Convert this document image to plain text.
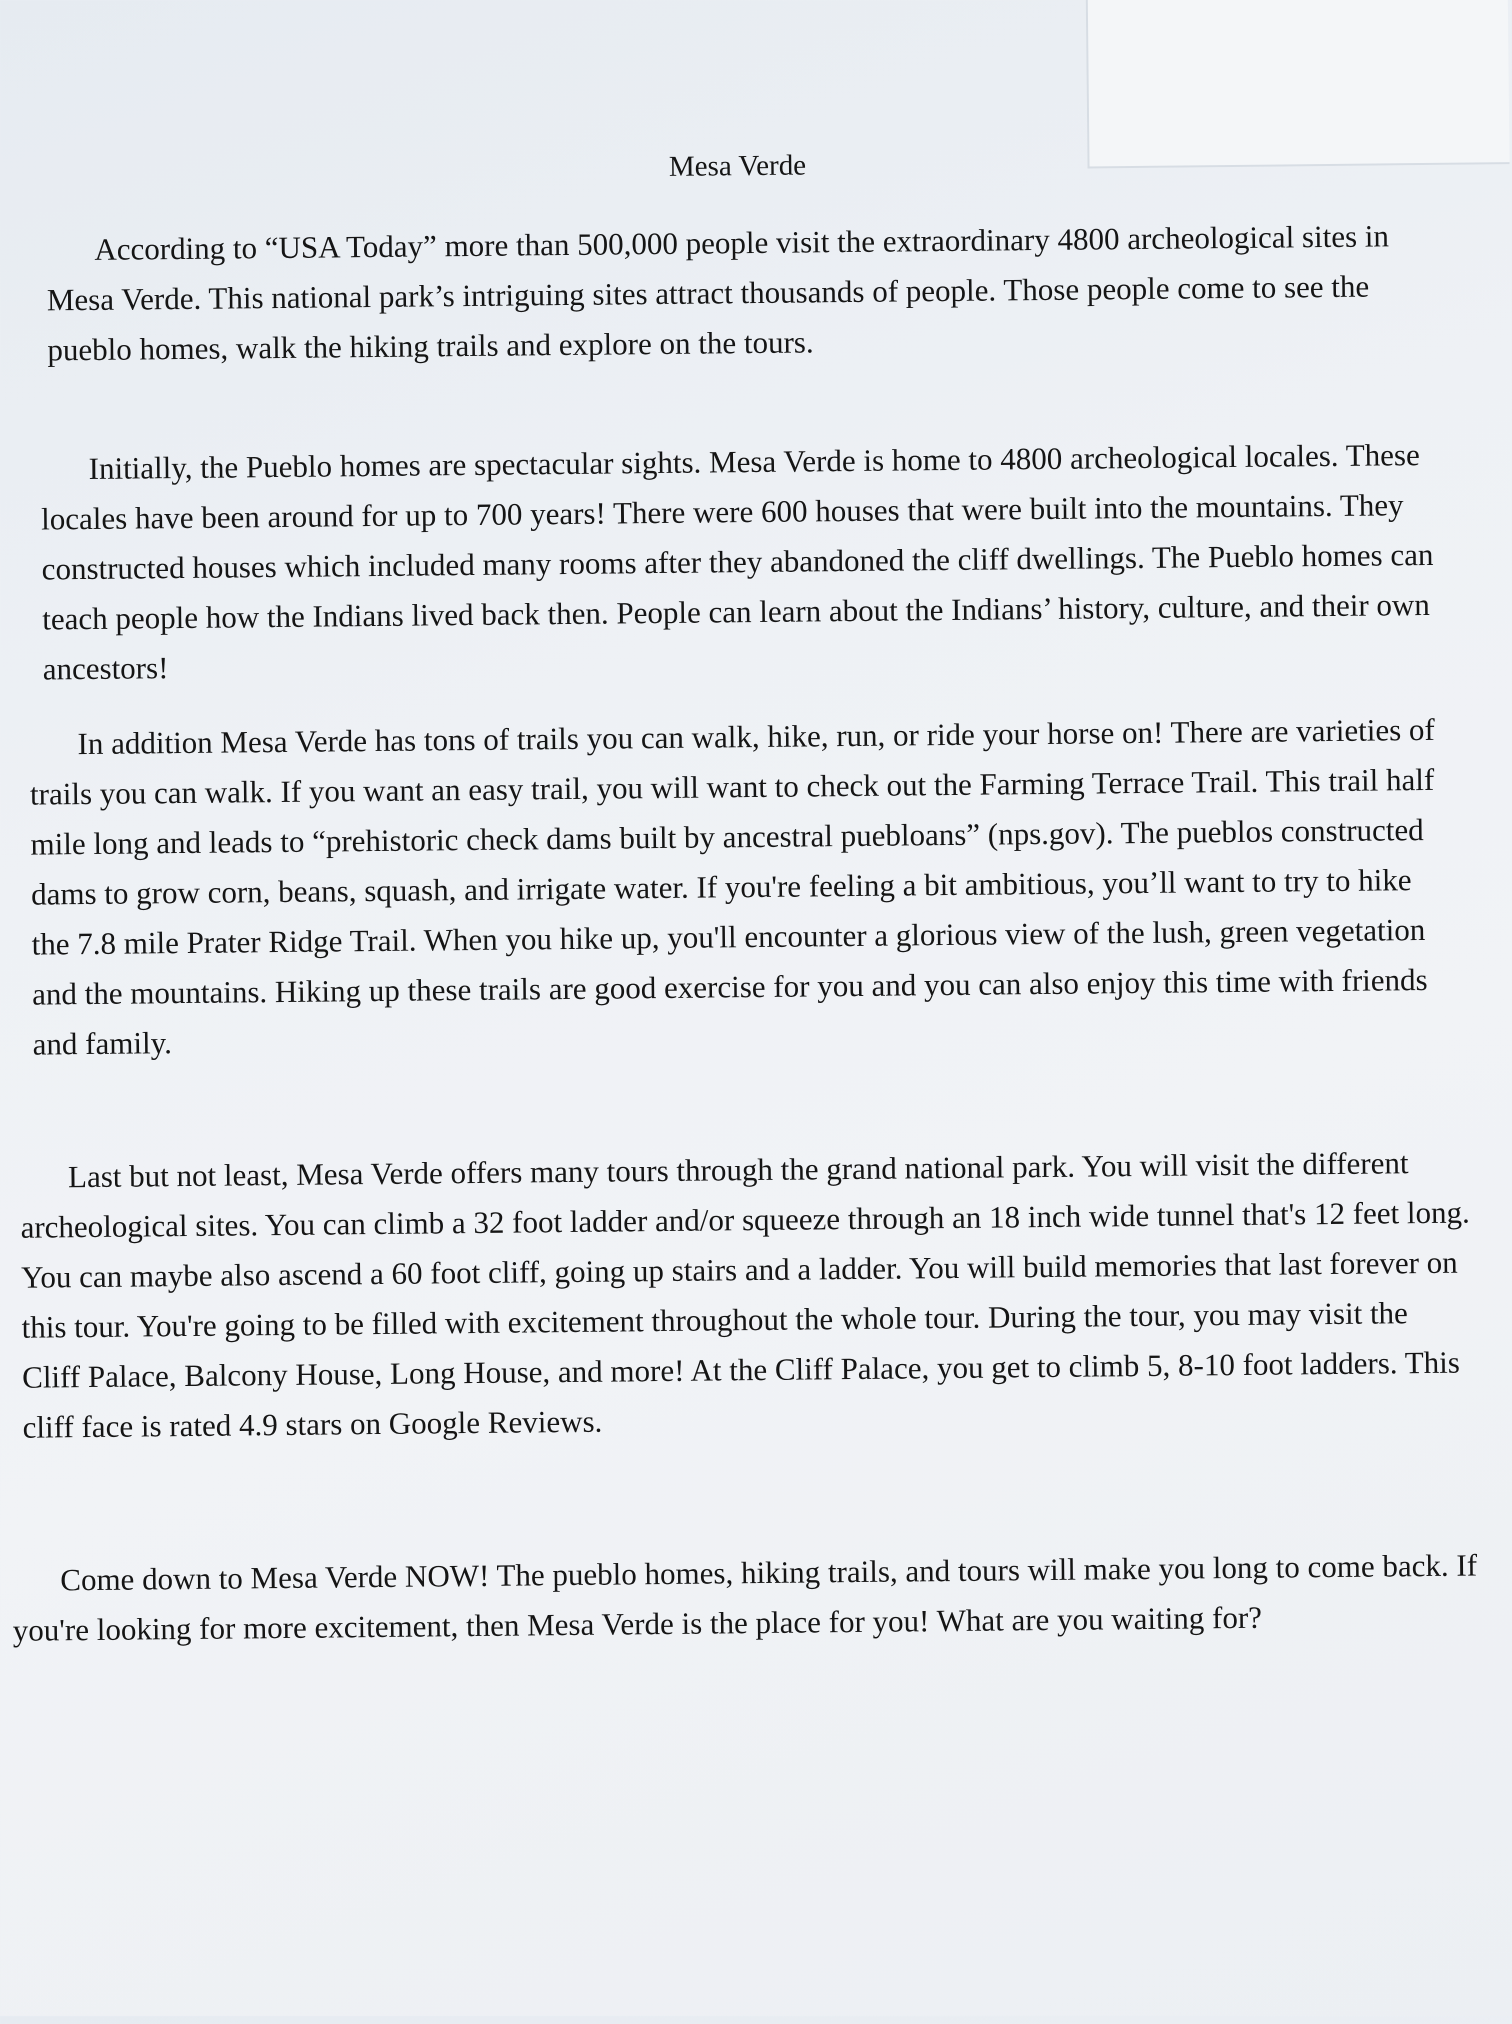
Mesa Verde

According to “USA Today” more than 500,000 people visit the extraordinary 4800 archeological sites in Mesa Verde. This national park’s intriguing sites attract thousands of people. Those people come to see the pueblo homes, walk the hiking trails and explore on the tours.

Initially, the Pueblo homes are spectacular sights. Mesa Verde is home to 4800 archeological locales. These locales have been around for up to 700 years! There were 600 houses that were built into the mountains. They constructed houses which included many rooms after they abandoned the cliff dwellings. The Pueblo homes can teach people how the Indians lived back then. People can learn about the Indians’ history, culture, and their own ancestors!

In addition Mesa Verde has tons of trails you can walk, hike, run, or ride your horse on! There are varieties of trails you can walk. If you want an easy trail, you will want to check out the Farming Terrace Trail. This trail half mile long and leads to “prehistoric check dams built by ancestral puebloans” (nps.gov). The pueblos constructed dams to grow corn, beans, squash, and irrigate water. If you're feeling a bit ambitious, you’ll want to try to hike the 7.8 mile Prater Ridge Trail. When you hike up, you'll encounter a glorious view of the lush, green vegetation and the mountains. Hiking up these trails are good exercise for you and you can also enjoy this time with friends and family.

Last but not least, Mesa Verde offers many tours through the grand national park. You will visit the different archeological sites. You can climb a 32 foot ladder and/or squeeze through an 18 inch wide tunnel that's 12 feet long. You can maybe also ascend a 60 foot cliff, going up stairs and a ladder. You will build memories that last forever on this tour. You're going to be filled with excitement throughout the whole tour. During the tour, you may visit the Cliff Palace, Balcony House, Long House, and more! At the Cliff Palace, you get to climb 5, 8-10 foot ladders. This cliff face is rated 4.9 stars on Google Reviews.

Come down to Mesa Verde NOW! The pueblo homes, hiking trails, and tours will make you long to come back. If you're looking for more excitement, then Mesa Verde is the place for you! What are you waiting for?
